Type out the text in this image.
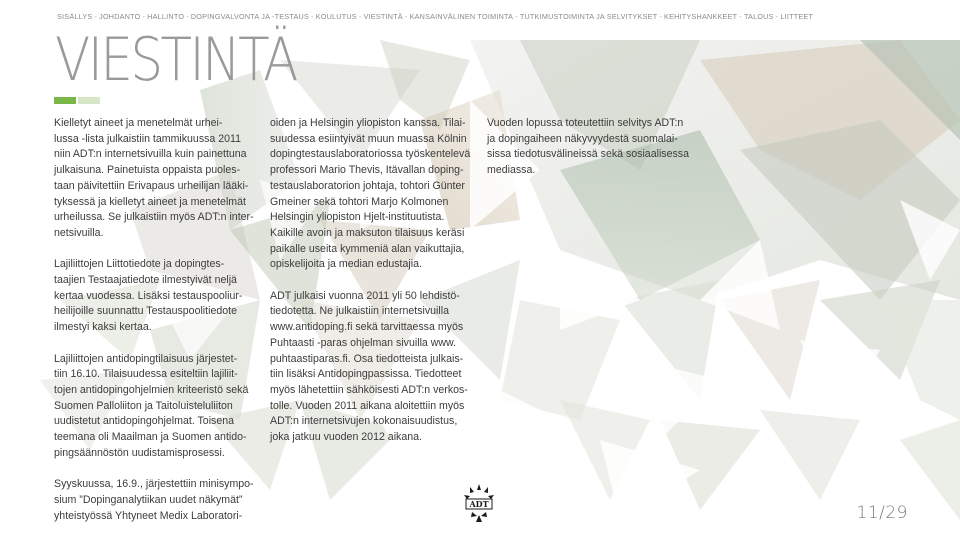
SISÄLLYS - JOHDANTO - HALLINTO - DOPINGVALVONTA JA -TESTAUS - KOULUTUS - VIESTINTÄ - KANSAINVÄLINEN TOIMINTA - TUTKIMUSTOIMINTA JA SELVITYKSET - KEHITYSHANKKEET - TALOUS - LIITTEET
VIESTINTÄ

Kielletyt aineet ja menetelmät urhei-
lussa -lista julkaistiin tammikuussa 2011
niin ADT:n internetsivuilla kuin painettuna
julkaisuna. Painetuista oppaista puoles-
taan päivitettiin Erivapaus urheilijan lääki-
tyksessä ja kielletyt aineet ja menetelmät
urheilussa. Se julkaistiin myös ADT:n inter-
netsivuilla.

Lajiliittojen Liittotiedote ja dopingtes-
taajien Testaajatiedote ilmestyivät neljä
kertaa vuodessa. Lisäksi testauspooliur-
heilijoille suunnattu Testauspoolitiedote
ilmestyi kaksi kertaa.

Lajiliittojen antidopingtilaisuus järjestet-
tiin 16.10. Tilaisuudessa esiteltiin lajiliit-
tojen antidopingohjelmien kriteeristö sekä
Suomen Palloliiton ja Taitoluisteluliiton
uudistetut antidopingohjelmat. Toisena
teemana oli Maailman ja Suomen antido-
pingsäännöstön uudistamisprosessi.

Syyskuussa, 16.9., järjestettiin minisympo-
sium ”Dopinganalytiikan uudet näkymät”
yhteistyössä Yhtyneet Medix Laboratori-

oiden ja Helsingin yliopiston kanssa. Tilai-
suudessa esiintyivät muun muassa Kölnin
dopingtestauslaboratoriossa työskentelevä
professori Mario Thevis, Itävallan doping-
testauslaboratorion johtaja, tohtori Günter
Gmeiner sekä tohtori Marjo Kolmonen
Helsingin yliopiston Hjelt-instituutista.
Kaikille avoin ja maksuton tilaisuus keräsi
paikalle useita kymmeniä alan vaikuttajia,
opiskelijoita ja median edustajia.

ADT julkaisi vuonna 2011 yli 50 lehdistö-
tiedotetta. Ne julkaistiin internetsivuilla
www.antidoping.fi sekä tarvittaessa myös
Puhtaasti -paras ohjelman sivuilla www.
puhtaastiparas.fi. Osa tiedotteista julkais-
tiin lisäksi Antidopingpassissa. Tiedotteet
myös lähetettiin sähköisesti ADT:n verkos-
tolle. Vuoden 2011 aikana aloitettiin myös
ADT:n internetsivujen kokonaisuudistus,
joka jatkuu vuoden 2012 aikana.

Vuoden lopussa toteutettiin selvitys ADT:n
ja dopingaiheen näkyvyydestä suomalai-
sissa tiedotusvälineissä sekä sosiaalisessa
mediassa.

ADT	11/29
